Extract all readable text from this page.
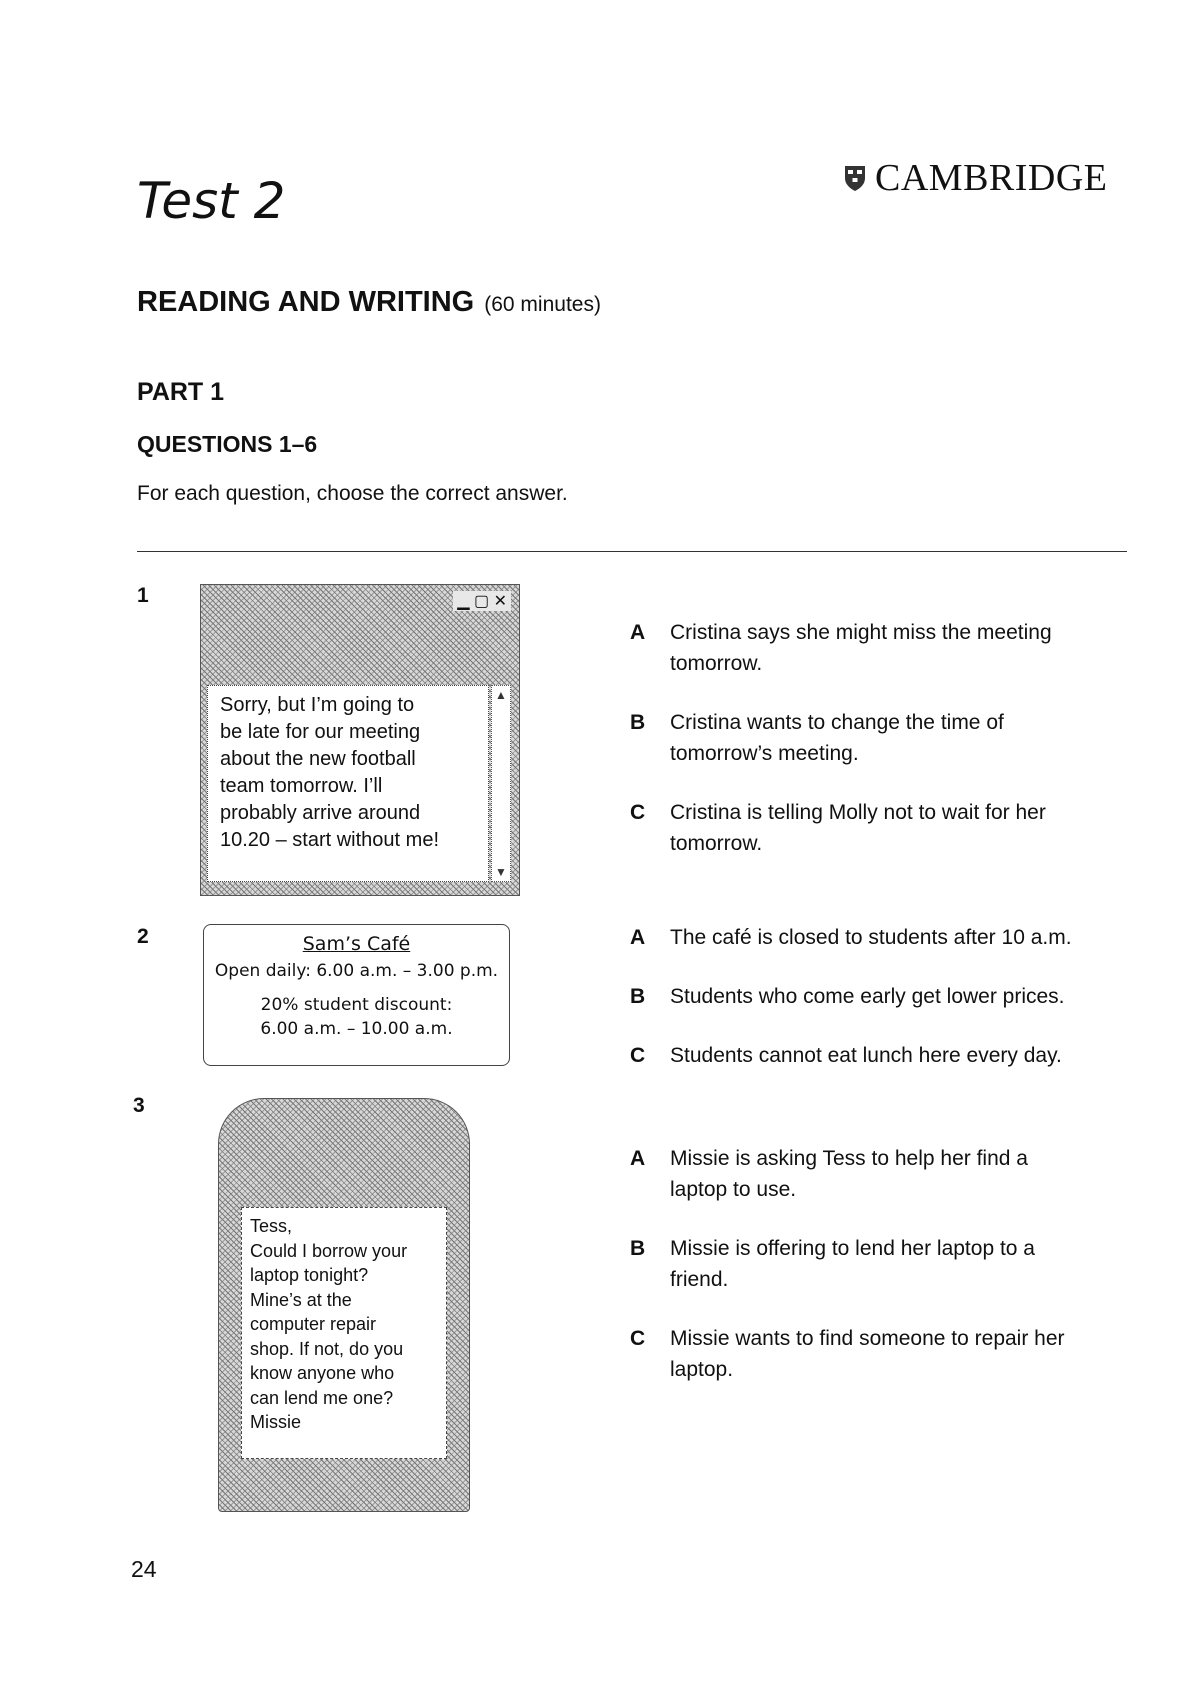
Test 2	CAMBRIDGE
READING AND WRITING (60 minutes)
PART 1
QUESTIONS 1–6
For each question, choose the correct answer.
1	▁ ▢ ✕
Sorry, but I’m going to
be late for our meeting
about the new football
team tomorrow. I’ll
probably arrive around
10.20 – start without me!
▲
▼
A Cristina says she might miss the meeting tomorrow.
B Cristina wants to change the time of tomorrow’s meeting.
C Cristina is telling Molly not to wait for her tomorrow.
2	Sam’s Café
Open daily: 6.00 a.m. – 3.00 p.m.
20% student discount:
6.00 a.m. – 10.00 a.m.
A The café is closed to students after 10 a.m.
B Students who come early get lower prices.
C Students cannot eat lunch here every day.
3
Tess,
Could I borrow your
laptop tonight?
Mine’s at the
computer repair
shop. If not, do you
know anyone who
can lend me one?
Missie
A Missie is asking Tess to help her find a laptop to use.
B Missie is offering to lend her laptop to a friend.
C Missie wants to find someone to repair her laptop.
24
